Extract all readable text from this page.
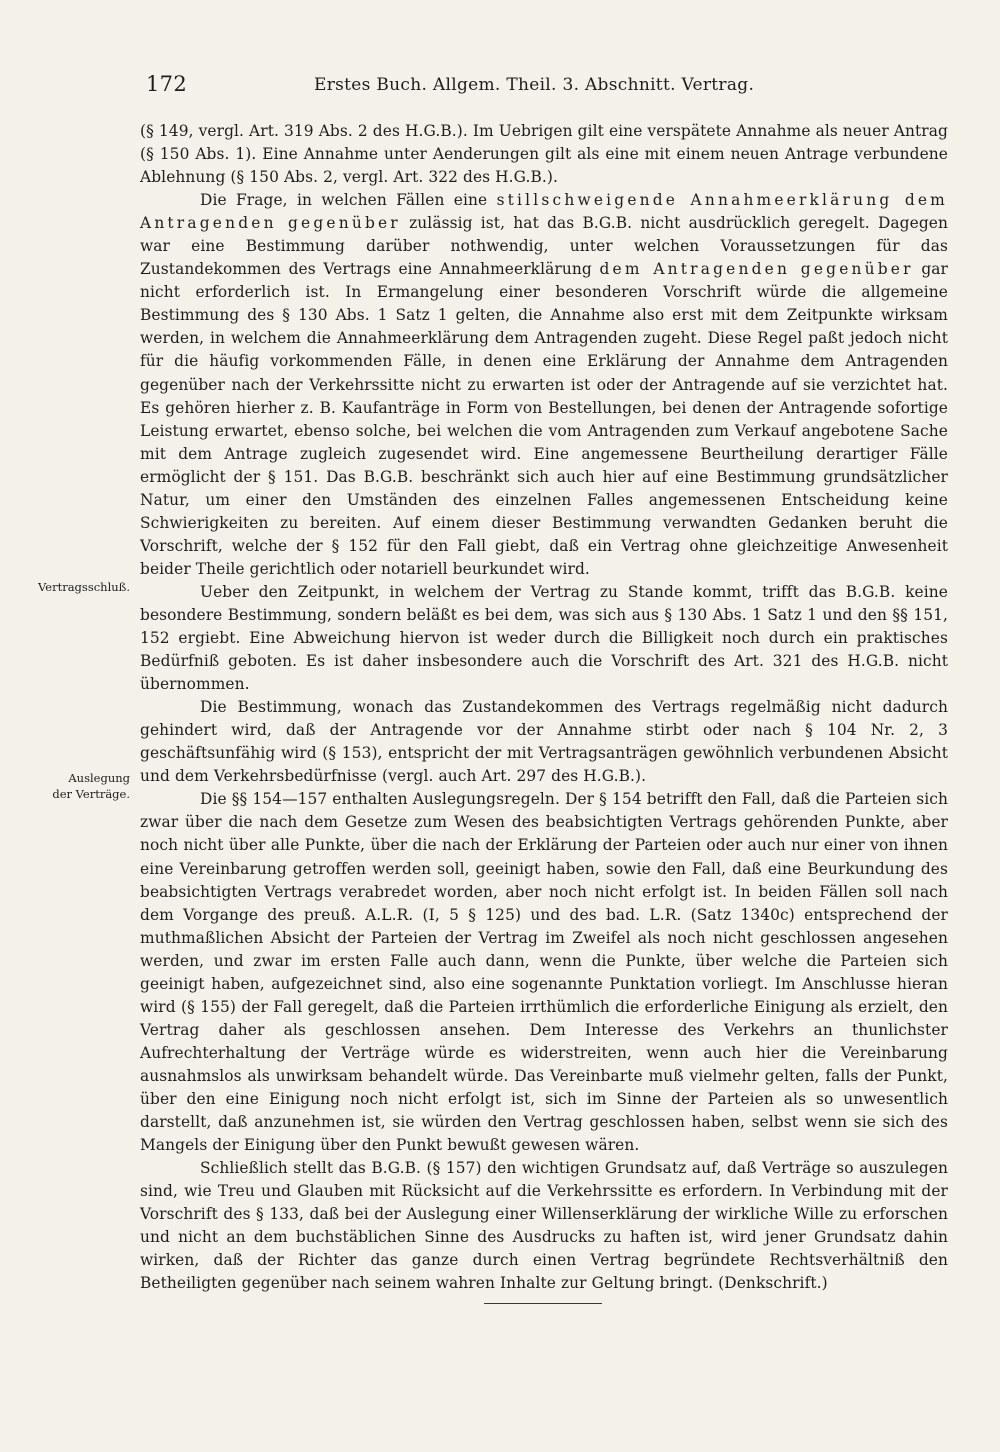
172	Erstes Buch. Allgem. Theil. 3. Abschnitt. Vertrag.

(§ 149, vergl. Art. 319 Abs. 2 des H.G.B.). Im Uebrigen gilt eine verspätete Annahme als neuer Antrag (§ 150 Abs. 1). Eine Annahme unter Aenderungen gilt als eine mit einem neuen Antrage verbundene Ablehnung (§ 150 Abs. 2, vergl. Art. 322 des H.G.B.).

Die Frage, in welchen Fällen eine stillschweigende Annahmeerklärung dem Antragenden gegenüber zulässig ist, hat das B.G.B. nicht ausdrücklich geregelt. Dagegen war eine Bestimmung darüber nothwendig, unter welchen Voraussetzungen für das Zustandekommen des Vertrags eine Annahmeerklärung dem Antragenden gegenüber gar nicht erforderlich ist. In Ermangelung einer besonderen Vorschrift würde die allgemeine Bestimmung des § 130 Abs. 1 Satz 1 gelten, die Annahme also erst mit dem Zeitpunkte wirksam werden, in welchem die Annahmeerklärung dem Antragenden zugeht. Diese Regel paßt jedoch nicht für die häufig vorkommenden Fälle, in denen eine Erklärung der Annahme dem Antragenden gegenüber nach der Verkehrssitte nicht zu erwarten ist oder der Antragende auf sie verzichtet hat. Es gehören hierher z. B. Kaufanträge in Form von Bestellungen, bei denen der Antragende sofortige Leistung erwartet, ebenso solche, bei welchen die vom Antragenden zum Verkauf angebotene Sache mit dem Antrage zugleich zugesendet wird. Eine angemessene Beurtheilung derartiger Fälle ermöglicht der § 151. Das B.G.B. beschränkt sich auch hier auf eine Bestimmung grundsätzlicher Natur, um einer den Umständen des einzelnen Falles angemessenen Entscheidung keine Schwierigkeiten zu bereiten. Auf einem dieser Bestimmung verwandten Gedanken beruht die Vorschrift, welche der § 152 für den Fall giebt, daß ein Vertrag ohne gleichzeitige Anwesenheit beider Theile gerichtlich oder notariell beurkundet wird.

Ueber den Zeitpunkt, in welchem der Vertrag zu Stande kommt, trifft das B.G.B. keine besondere Bestimmung, sondern beläßt es bei dem, was sich aus § 130 Abs. 1 Satz 1 und den §§ 151, 152 ergiebt. Eine Abweichung hiervon ist weder durch die Billigkeit noch durch ein praktisches Bedürfniß geboten. Es ist daher insbesondere auch die Vorschrift des Art. 321 des H.G.B. nicht übernommen.

Die Bestimmung, wonach das Zustandekommen des Vertrags regelmäßig nicht dadurch gehindert wird, daß der Antragende vor der Annahme stirbt oder nach § 104 Nr. 2, 3 geschäftsunfähig wird (§ 153), entspricht der mit Vertragsanträgen gewöhnlich verbundenen Absicht und dem Verkehrsbedürfnisse (vergl. auch Art. 297 des H.G.B.).

Die §§ 154—157 enthalten Auslegungsregeln. Der § 154 betrifft den Fall, daß die Parteien sich zwar über die nach dem Gesetze zum Wesen des beabsichtigten Vertrags gehörenden Punkte, aber noch nicht über alle Punkte, über die nach der Erklärung der Parteien oder auch nur einer von ihnen eine Vereinbarung getroffen werden soll, geeinigt haben, sowie den Fall, daß eine Beurkundung des beabsichtigten Vertrags verabredet worden, aber noch nicht erfolgt ist. In beiden Fällen soll nach dem Vorgange des preuß. A.L.R. (I, 5 § 125) und des bad. L.R. (Satz 1340c) entsprechend der muthmaßlichen Absicht der Parteien der Vertrag im Zweifel als noch nicht geschlossen angesehen werden, und zwar im ersten Falle auch dann, wenn die Punkte, über welche die Parteien sich geeinigt haben, aufgezeichnet sind, also eine sogenannte Punktation vorliegt. Im Anschlusse hieran wird (§ 155) der Fall geregelt, daß die Parteien irrthümlich die erforderliche Einigung als erzielt, den Vertrag daher als geschlossen ansehen. Dem Interesse des Verkehrs an thunlichster Aufrechterhaltung der Verträge würde es widerstreiten, wenn auch hier die Vereinbarung ausnahmslos als unwirksam behandelt würde. Das Vereinbarte muß vielmehr gelten, falls der Punkt, über den eine Einigung noch nicht erfolgt ist, sich im Sinne der Parteien als so unwesentlich darstellt, daß anzunehmen ist, sie würden den Vertrag geschlossen haben, selbst wenn sie sich des Mangels der Einigung über den Punkt bewußt gewesen wären.

Schließlich stellt das B.G.B. (§ 157) den wichtigen Grundsatz auf, daß Verträge so auszulegen sind, wie Treu und Glauben mit Rücksicht auf die Verkehrssitte es erfordern. In Verbindung mit der Vorschrift des § 133, daß bei der Auslegung einer Willenserklärung der wirkliche Wille zu erforschen und nicht an dem buchstäblichen Sinne des Ausdrucks zu haften ist, wird jener Grundsatz dahin wirken, daß der Richter das ganze durch einen Vertrag begründete Rechtsverhältniß den Betheiligten gegenüber nach seinem wahren Inhalte zur Geltung bringt. (Denkschrift.)

Vertragsschluß.
Auslegung
der Verträge.
